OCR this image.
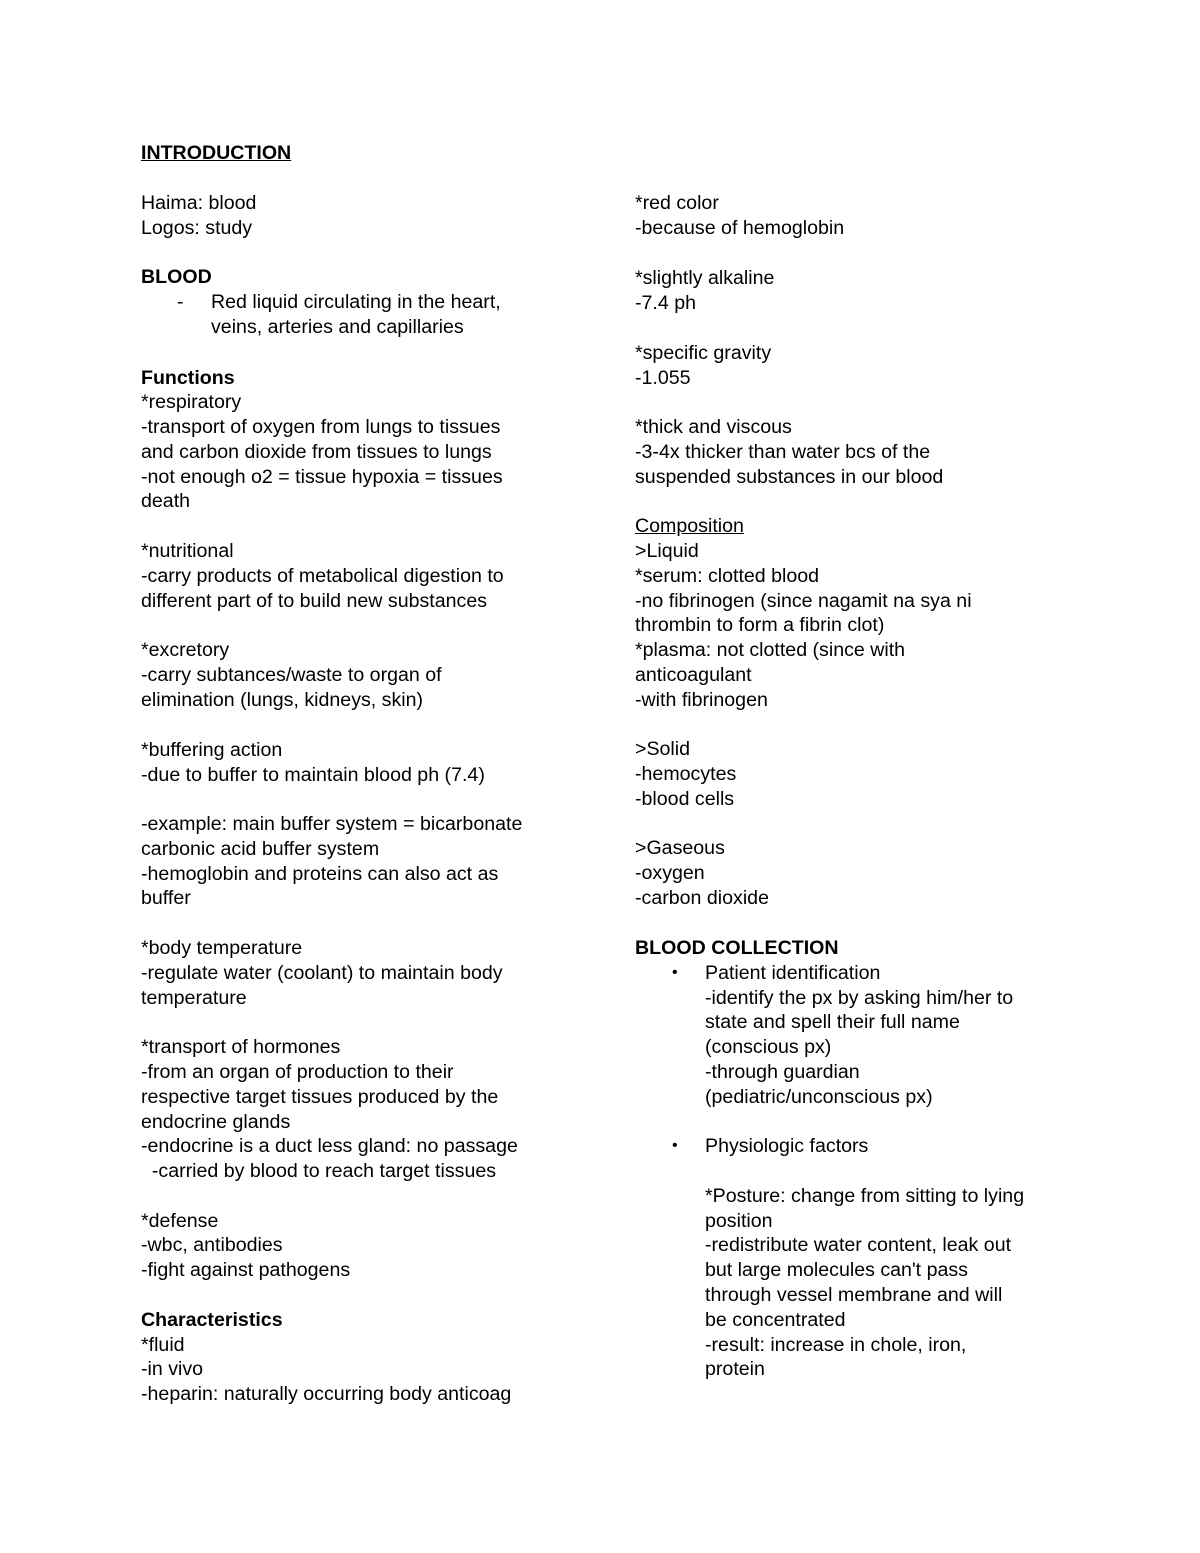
INTRODUCTION
Haima: blood
Logos: study
BLOOD
- Red liquid circulating in the heart,
veins, arteries and capillaries
Functions
*respiratory
-transport of oxygen from lungs to tissues
and carbon dioxide from tissues to lungs
-not enough o2 = tissue hypoxia = tissues
death
*nutritional
-carry products of metabolical digestion to
different part of to build new substances
*excretory
-carry subtances/waste to organ of
elimination (lungs, kidneys, skin)
*buffering action
-due to buffer to maintain blood ph (7.4)
-example: main buffer system = bicarbonate
carbonic acid buffer system
-hemoglobin and proteins can also act as
buffer
*body temperature
-regulate water (coolant) to maintain body
temperature
*transport of hormones
-from an organ of production to their
respective target tissues produced by the
endocrine glands
-endocrine is a duct less gland: no passage
-carried by blood to reach target tissues
*defense
-wbc, antibodies
-fight against pathogens
Characteristics
*fluid
-in vivo
-heparin: naturally occurring body anticoag
*red color
-because of hemoglobin
*slightly alkaline
-7.4 ph
*specific gravity
-1.055
*thick and viscous
-3-4x thicker than water bcs of the
suspended substances in our blood
Composition
>Liquid
*serum: clotted blood
-no fibrinogen (since nagamit na sya ni
thrombin to form a fibrin clot)
*plasma: not clotted (since with
anticoagulant
-with fibrinogen
>Solid
-hemocytes
-blood cells
>Gaseous
-oxygen
-carbon dioxide
BLOOD COLLECTION
• Patient identification
-identify the px by asking him/her to
state and spell their full name
(conscious px)
-through guardian
(pediatric/unconscious px)
• Physiologic factors
*Posture: change from sitting to lying
position
-redistribute water content, leak out
but large molecules can't pass
through vessel membrane and will
be concentrated
-result: increase in chole, iron,
protein
